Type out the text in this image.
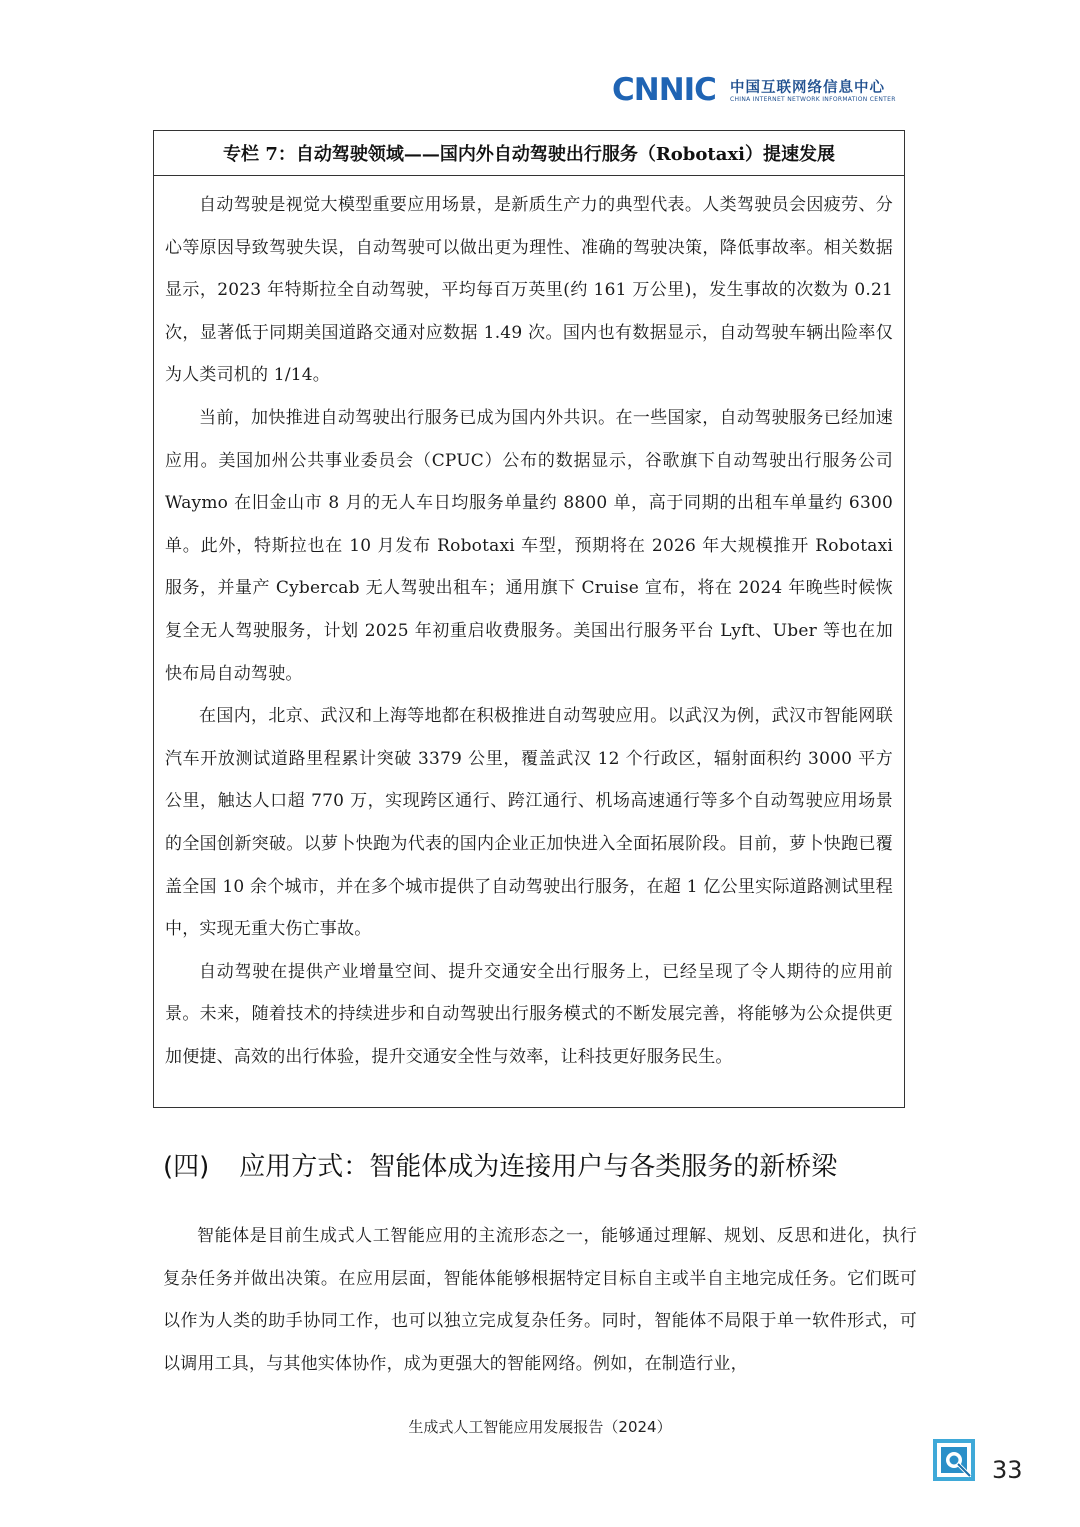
CNNIC 中国互联网络信息中心
CHINA INTERNET NETWORK INFORMATION CENTER
专栏 7：自动驾驶领域——国内外自动驾驶出行服务（Robotaxi）提速发展

自动驾驶是视觉大模型重要应用场景，是新质生产力的典型代表。人类驾驶员会因疲劳、分心等原因导致驾驶失误，自动驾驶可以做出更为理性、准确的驾驶决策，降低事故率。相关数据显示，2023 年特斯拉全自动驾驶，平均每百万英里(约 161 万公里)，发生事故的次数为 0.21 次，显著低于同期美国道路交通对应数据 1.49 次。国内也有数据显示，自动驾驶车辆出险率仅为人类司机的 1/14。

当前，加快推进自动驾驶出行服务已成为国内外共识。在一些国家，自动驾驶服务已经加速应用。美国加州公共事业委员会（CPUC）公布的数据显示，谷歌旗下自动驾驶出行服务公司 Waymo 在旧金山市 8 月的无人车日均服务单量约 8800 单，高于同期的出租车单量约 6300 单。此外，特斯拉也在 10 月发布 Robotaxi 车型，预期将在 2026 年大规模推开 Robotaxi 服务，并量产 Cybercab 无人驾驶出租车；通用旗下 Cruise 宣布，将在 2024 年晚些时候恢复全无人驾驶服务，计划 2025 年初重启收费服务。美国出行服务平台 Lyft、Uber 等也在加快布局自动驾驶。

在国内，北京、武汉和上海等地都在积极推进自动驾驶应用。以武汉为例，武汉市智能网联汽车开放测试道路里程累计突破 3379 公里，覆盖武汉 12 个行政区，辐射面积约 3000 平方公里，触达人口超 770 万，实现跨区通行、跨江通行、机场高速通行等多个自动驾驶应用场景的全国创新突破。以萝卜快跑为代表的国内企业正加快进入全面拓展阶段。目前，萝卜快跑已覆盖全国 10 余个城市，并在多个城市提供了自动驾驶出行服务，在超 1 亿公里实际道路测试里程中，实现无重大伤亡事故。

自动驾驶在提供产业增量空间、提升交通安全出行服务上，已经呈现了令人期待的应用前景。未来，随着技术的持续进步和自动驾驶出行服务模式的不断发展完善，将能够为公众提供更加便捷、高效的出行体验，提升交通安全性与效率，让科技更好服务民生。

(四) 应用方式：智能体成为连接用户与各类服务的新桥梁

智能体是目前生成式人工智能应用的主流形态之一，能够通过理解、规划、反思和进化，执行复杂任务并做出决策。在应用层面，智能体能够根据特定目标自主或半自主地完成任务。它们既可以作为人类的助手协同工作，也可以独立完成复杂任务。同时，智能体不局限于单一软件形式，可以调用工具，与其他实体协作，成为更强大的智能网络。例如，在制造行业，

生成式人工智能应用发展报告（2024）
33
